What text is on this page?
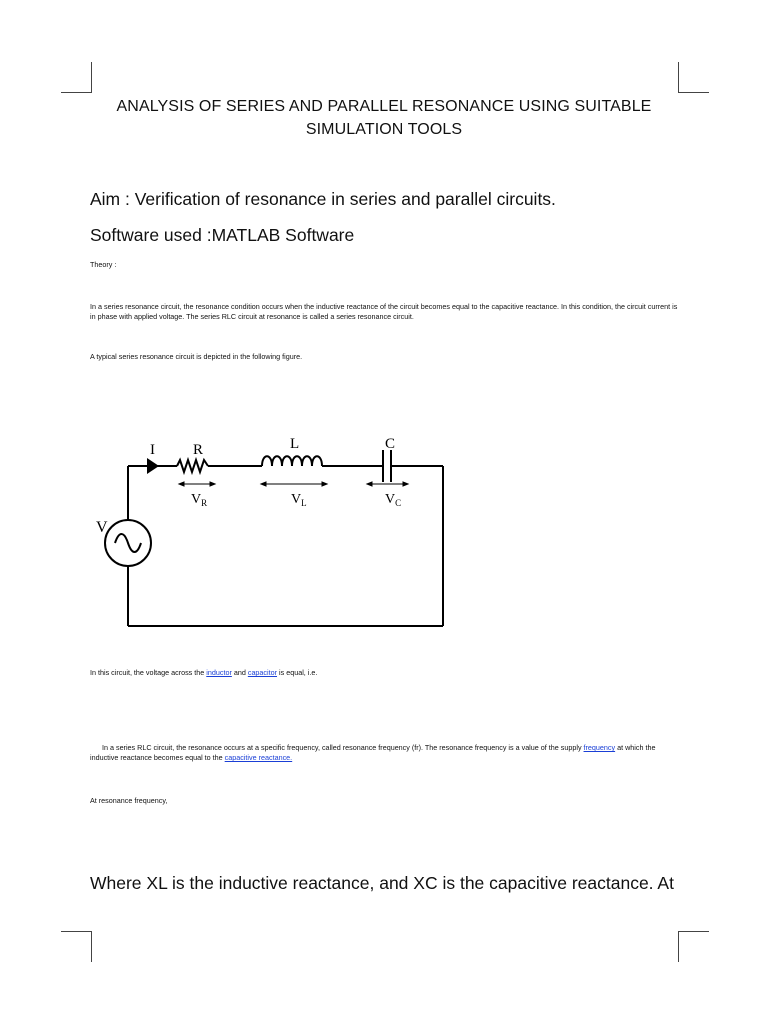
ANALYSIS OF SERIES AND PARALLEL RESONANCE USING SUITABLE
SIMULATION TOOLS
Aim : Verification of resonance in series and parallel circuits.
Software used :MATLAB Software
Theory :
In a series resonance circuit, the resonance condition occurs when the inductive reactance of the circuit becomes equal to the capacitive reactance. In this condition, the circuit current is in phase with applied voltage. The series RLC circuit at resonance is called a series resonance circuit.
A typical series resonance circuit is depicted in the following figure.
I	R	L	C
V
$V_R$	$V_L$	$V_C$
In this circuit, the voltage across the inductor and capacitor is equal, i.e.
In a series RLC circuit, the resonance occurs at a specific frequency, called resonance frequency (fr). The resonance frequency is a value of the supply frequency at which the inductive reactance becomes equal to the capacitive reactance.
At resonance frequency,
Where XL is the inductive reactance, and XC is the capacitive reactance. At
